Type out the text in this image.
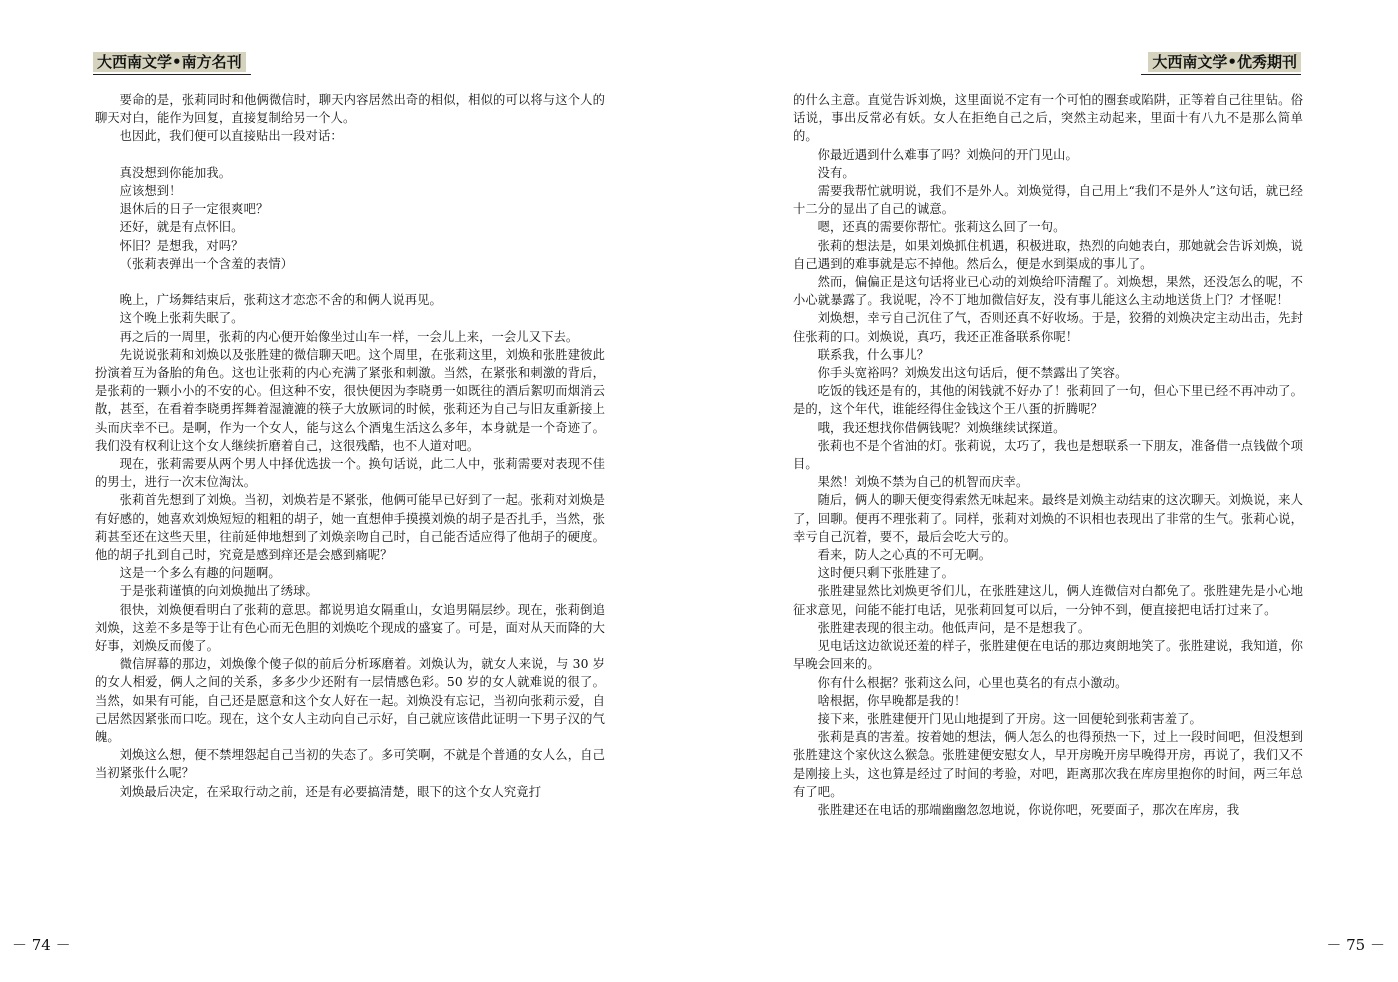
大西南文学•南方名刊

要命的是，张莉同时和他俩微信时，聊天内容居然出奇的相似，相似的可以将与这个人的聊天对白，能作为回复，直接复制给另一个人。

也因此，我们便可以直接贴出一段对话：

真没想到你能加我。

应该想到！

退休后的日子一定很爽吧？

还好，就是有点怀旧。

怀旧？是想我，对吗？

（张莉表弹出一个含羞的表情）

晚上，广场舞结束后，张莉这才恋恋不舍的和俩人说再见。

这个晚上张莉失眠了。

再之后的一周里，张莉的内心便开始像坐过山车一样，一会儿上来，一会儿又下去。

先说说张莉和刘焕以及张胜建的微信聊天吧。这个周里，在张莉这里，刘焕和张胜建彼此扮演着互为备胎的角色。这也让张莉的内心充满了紧张和刺激。当然，在紧张和刺激的背后，是张莉的一颗小小的不安的心。但这种不安，很快便因为李晓勇一如既往的酒后絮叨而烟消云散，甚至，在看着李晓勇挥舞着湿漉漉的筷子大放厥词的时候，张莉还为自己与旧友重新接上头而庆幸不已。是啊，作为一个女人，能与这么个酒鬼生活这么多年，本身就是一个奇迹了。我们没有权利让这个女人继续折磨着自己，这很残酷，也不人道对吧。

现在，张莉需要从两个男人中择优选拔一个。换句话说，此二人中，张莉需要对表现不佳的男士，进行一次末位淘汰。

张莉首先想到了刘焕。当初，刘焕若是不紧张，他俩可能早已好到了一起。张莉对刘焕是有好感的，她喜欢刘焕短短的粗粗的胡子，她一直想伸手摸摸刘焕的胡子是否扎手，当然，张莉甚至还在这些天里，往前延伸地想到了刘焕亲吻自己时，自己能否适应得了他胡子的硬度。他的胡子扎到自己时，究竟是感到痒还是会感到痛呢？

这是一个多么有趣的问题啊。

于是张莉谨慎的向刘焕抛出了绣球。

很快，刘焕便看明白了张莉的意思。都说男追女隔重山，女追男隔层纱。现在，张莉倒追刘焕，这差不多是等于让有色心而无色胆的刘焕吃个现成的盛宴了。可是，面对从天而降的大好事，刘焕反而傻了。

微信屏幕的那边，刘焕像个傻子似的前后分析琢磨着。刘焕认为，就女人来说，与 30 岁的女人相爱，俩人之间的关系，多多少少还附有一层情感色彩。50 岁的女人就难说的很了。当然，如果有可能，自己还是愿意和这个女人好在一起。刘焕没有忘记，当初向张莉示爱，自己居然因紧张而口吃。现在，这个女人主动向自己示好，自己就应该借此证明一下男子汉的气魄。

刘焕这么想，便不禁埋怨起自己当初的失态了。多可笑啊，不就是个普通的女人么，自己当初紧张什么呢？

刘焕最后决定，在采取行动之前，还是有必要搞清楚，眼下的这个女人究竟打

－ 74 －
大西南文学•优秀期刊

的什么主意。直觉告诉刘焕，这里面说不定有一个可怕的圈套或陷阱，正等着自己往里钻。俗话说，事出反常必有妖。女人在拒绝自己之后，突然主动起来，里面十有八九不是那么简单的。

你最近遇到什么难事了吗？刘焕问的开门见山。

没有。

需要我帮忙就明说，我们不是外人。刘焕觉得，自己用上“我们不是外人”这句话，就已经十二分的显出了自己的诚意。

嗯，还真的需要你帮忙。张莉这么回了一句。

张莉的想法是，如果刘焕抓住机遇，积极进取，热烈的向她表白，那她就会告诉刘焕，说自己遇到的难事就是忘不掉他。然后么，便是水到渠成的事儿了。

然而，偏偏正是这句话将业已心动的刘焕给吓清醒了。刘焕想，果然，还没怎么的呢，不小心就暴露了。我说呢，冷不丁地加微信好友，没有事儿能这么主动地送货上门？才怪呢！

刘焕想，幸亏自己沉住了气，否则还真不好收场。于是，狡猾的刘焕决定主动出击，先封住张莉的口。刘焕说，真巧，我还正准备联系你呢！

联系我，什么事儿？

你手头宽裕吗？刘焕发出这句话后，便不禁露出了笑容。

吃饭的钱还是有的，其他的闲钱就不好办了！张莉回了一句，但心下里已经不再冲动了。是的，这个年代，谁能经得住金钱这个王八蛋的折腾呢？

哦，我还想找你借俩钱呢？刘焕继续试探道。

张莉也不是个省油的灯。张莉说，太巧了，我也是想联系一下朋友，准备借一点钱做个项目。

果然！刘焕不禁为自己的机智而庆幸。

随后，俩人的聊天便变得索然无味起来。最终是刘焕主动结束的这次聊天。刘焕说，来人了，回聊。便再不理张莉了。同样，张莉对刘焕的不识相也表现出了非常的生气。张莉心说，幸亏自己沉着，要不，最后会吃大亏的。

看来，防人之心真的不可无啊。

这时便只剩下张胜建了。

张胜建显然比刘焕更爷们儿，在张胜建这儿，俩人连微信对白都免了。张胜建先是小心地征求意见，问能不能打电话，见张莉回复可以后，一分钟不到，便直接把电话打过来了。

张胜建表现的很主动。他低声问，是不是想我了。

见电话这边欲说还羞的样子，张胜建便在电话的那边爽朗地笑了。张胜建说，我知道，你早晚会回来的。

你有什么根据？张莉这么问，心里也莫名的有点小激动。

啥根据，你早晚都是我的！

接下来，张胜建便开门见山地提到了开房。这一回便轮到张莉害羞了。

张莉是真的害羞。按着她的想法，俩人怎么的也得预热一下，过上一段时间吧，但没想到张胜建这个家伙这么猴急。张胜建便安慰女人，早开房晚开房早晚得开房，再说了，我们又不是刚接上头，这也算是经过了时间的考验，对吧，距离那次我在库房里抱你的时间，两三年总有了吧。

张胜建还在电话的那端幽幽忽忽地说，你说你吧，死要面子，那次在库房，我

－ 75 －
